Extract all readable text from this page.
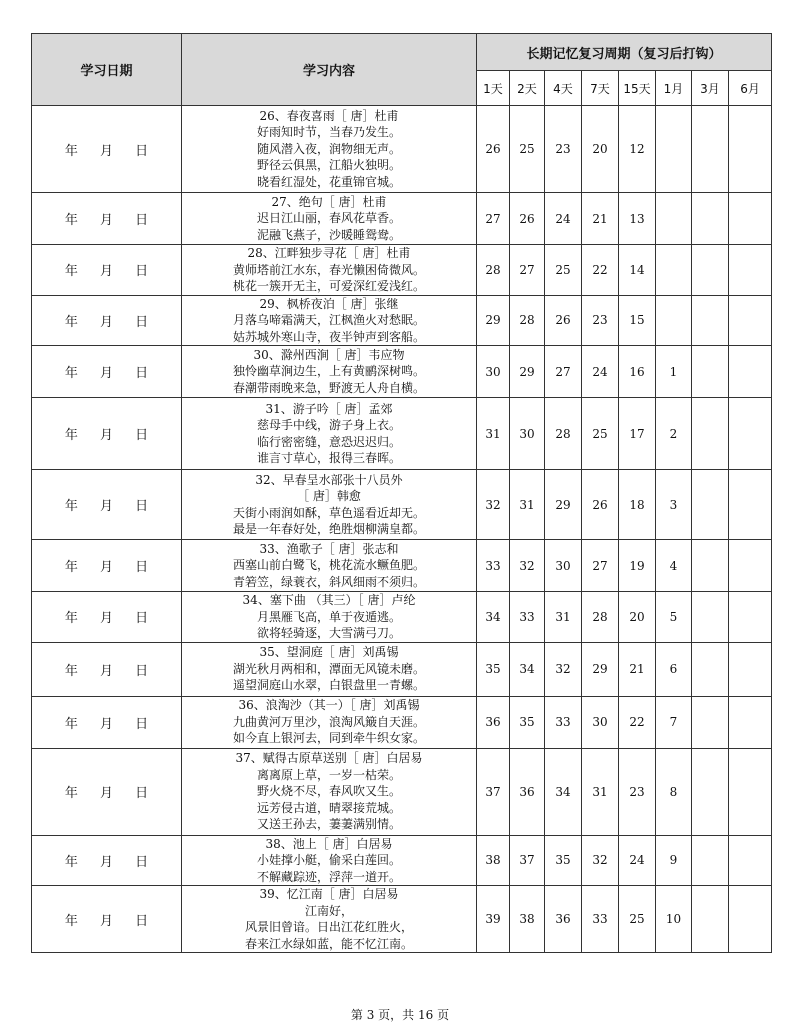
学习日期	学习内容	长期记忆复习周期（复习后打钩）							
		1天	2天	4天	7天	15天	1月	3月	6月
年 月 日	26、春夜喜雨［ 唐］杜甫
好雨知时节，当春乃发生。
随风潜入夜，润物细无声。
野径云俱黑，江船火独明。
晓看红湿处，花重锦官城。	26	25	23	20	12			
年 月 日	27、绝句［ 唐］杜甫
迟日江山丽，春风花草香。
泥融飞燕子，沙暖睡鸳鸯。	27	26	24	21	13			
年 月 日	28、江畔独步寻花［ 唐］杜甫
黄师塔前江水东，春光懒困倚微风。
桃花一簇开无主，可爱深红爱浅红。	28	27	25	22	14			
年 月 日	29、枫桥夜泊［ 唐］张继
月落乌啼霜满天，江枫渔火对愁眠。
姑苏城外寒山寺，夜半钟声到客船。	29	28	26	23	15			
年 月 日	30、滁州西涧［ 唐］韦应物
独怜幽草涧边生，上有黄鹂深树鸣。
春潮带雨晚来急，野渡无人舟自横。	30	29	27	24	16	1		
年 月 日	31、游子吟［ 唐］孟郊
慈母手中线，游子身上衣。
临行密密缝，意恐迟迟归。
谁言寸草心，报得三春晖。	31	30	28	25	17	2		
年 月 日	32、早春呈水部张十八员外
［ 唐］韩愈
天街小雨润如酥，草色遥看近却无。
最是一年春好处，绝胜烟柳满皇都。	32	31	29	26	18	3		
年 月 日	33、渔歌子［ 唐］张志和
西塞山前白鹭飞，桃花流水鳜鱼肥。
青箬笠，绿蓑衣，斜风细雨不须归。	33	32	30	27	19	4		
年 月 日	34、塞下曲 （其三）［ 唐］卢纶
月黑雁飞高，单于夜遁逃。
欲将轻骑逐，大雪满弓刀。	34	33	31	28	20	5		
年 月 日	35、望洞庭［ 唐］刘禹锡
湖光秋月两相和，潭面无风镜未磨。
遥望洞庭山水翠，白银盘里一青螺。	35	34	32	29	21	6		
年 月 日	36、浪淘沙（其一）［ 唐］刘禹锡
九曲黄河万里沙，浪淘风簸自天涯。
如今直上银河去，同到牵牛织女家。	36	35	33	30	22	7		
年 月 日	37、赋得古原草送别［ 唐］白居易
离离原上草，一岁一枯荣。
野火烧不尽，春风吹又生。
远芳侵古道，晴翠接荒城。
又送王孙去，萋萋满别情。	37	36	34	31	23	8		
年 月 日	38、池上［ 唐］白居易
小娃撑小艇，偷采白莲回。
不解藏踪迹，浮萍一道开。	38	37	35	32	24	9		
年 月 日	39、忆江南［ 唐］白居易
江南好，
风景旧曾谙。日出江花红胜火，
春来江水绿如蓝，能不忆江南。	39	38	36	33	25	10		
第 3 页，共 16 页
